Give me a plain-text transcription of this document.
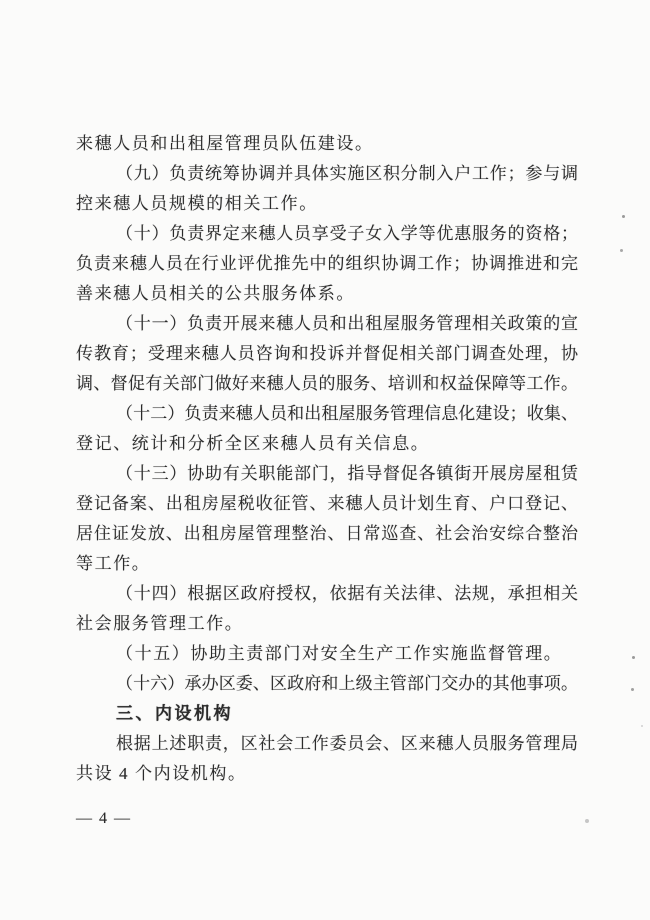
来穗人员和出租屋管理员队伍建设。

（九）负责统筹协调并具体实施区积分制入户工作；参与调
控来穗人员规模的相关工作。

（十）负责界定来穗人员享受子女入学等优惠服务的资格；
负责来穗人员在行业评优推先中的组织协调工作；协调推进和完
善来穗人员相关的公共服务体系。

（十一）负责开展来穗人员和出租屋服务管理相关政策的宣
传教育；受理来穗人员咨询和投诉并督促相关部门调查处理，协
调、督促有关部门做好来穗人员的服务、培训和权益保障等工作。

（十二）负责来穗人员和出租屋服务管理信息化建设；收集、
登记、统计和分析全区来穗人员有关信息。

（十三）协助有关职能部门，指导督促各镇街开展房屋租赁
登记备案、出租房屋税收征管、来穗人员计划生育、户口登记、
居住证发放、出租房屋管理整治、日常巡查、社会治安综合整治
等工作。

（十四）根据区政府授权，依据有关法律、法规，承担相关
社会服务管理工作。

（十五）协助主责部门对安全生产工作实施监督管理。

（十六）承办区委、区政府和上级主管部门交办的其他事项。

三、内设机构

根据上述职责，区社会工作委员会、区来穗人员服务管理局
共设 4 个内设机构。

— 4 —
